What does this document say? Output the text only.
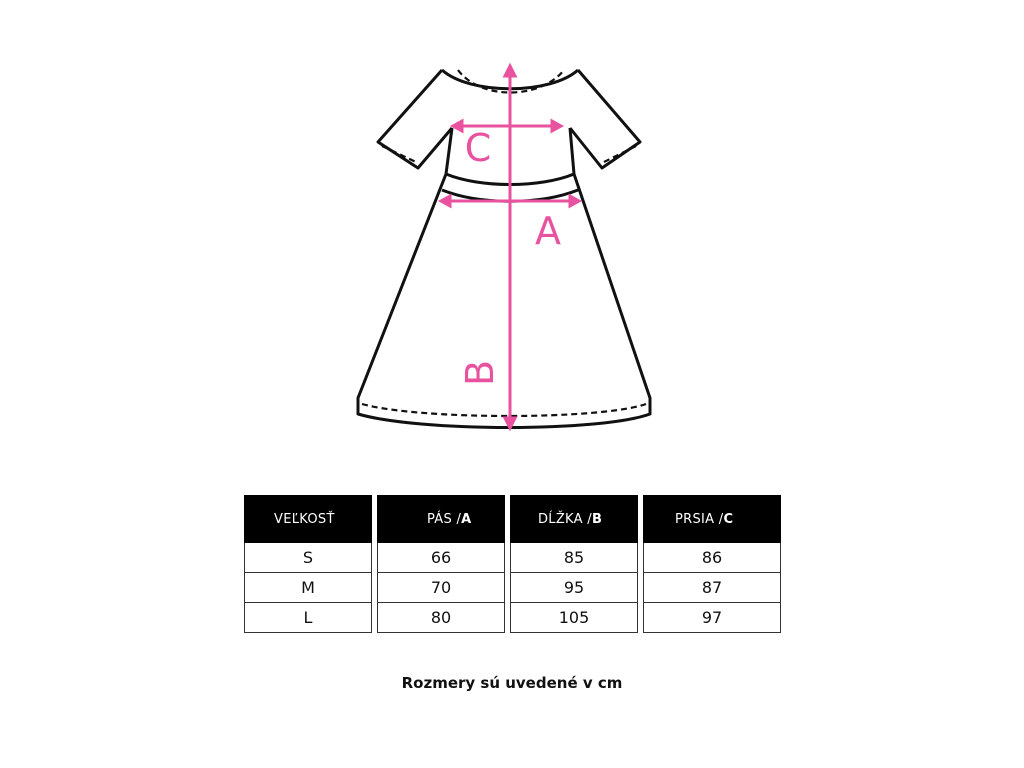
C
A
B
VEĽKOSŤ
S
M
L
PÁS / A
66
70
80
DĹŽKA / B
85
95
105
PRSIA / C
86
87
97
Rozmery sú uvedené v cm
